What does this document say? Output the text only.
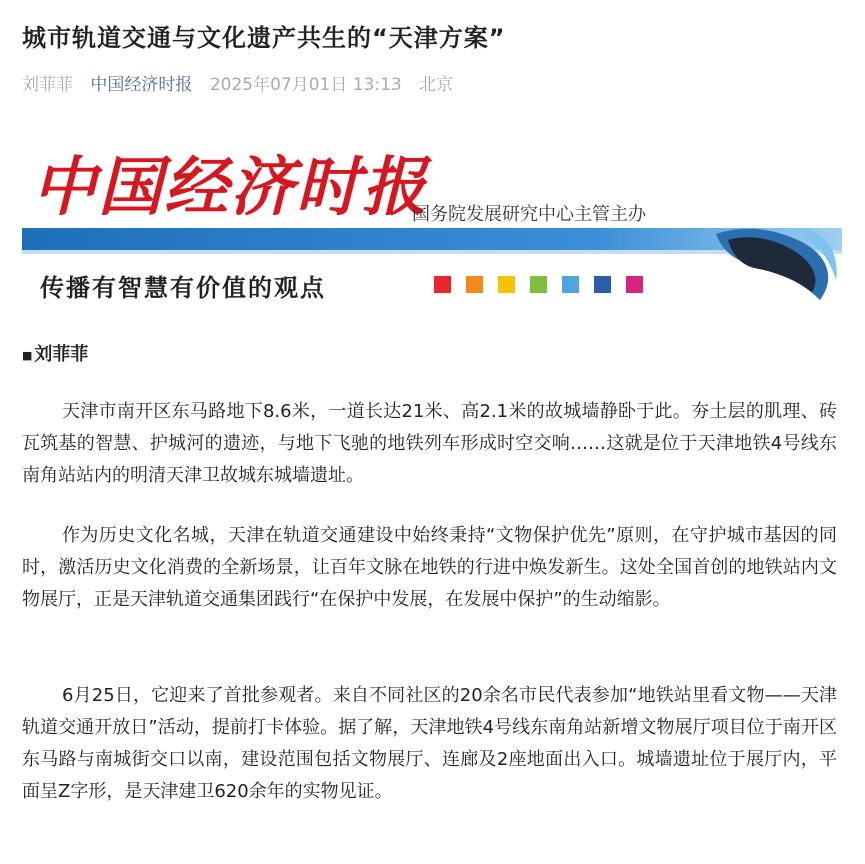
城市轨道交通与文化遗产共生的“天津方案”
刘菲菲 中国经济时报 2025年07月01日 13:13 北京
中国经济时报
国务院发展研究中心主管主办
传播有智慧有价值的观点
■ 刘菲菲

天津市南开区东马路地下8.6米，一道长达21米、高2.1米的故城墙静卧于此。夯土层的肌理、砖瓦筑基的智慧、护城河的遗迹，与地下飞驰的地铁列车形成时空交响……这就是位于天津地铁4号线东南角站站内的明清天津卫故城东城墙遗址。

作为历史文化名城，天津在轨道交通建设中始终秉持“文物保护优先”原则，在守护城市基因的同时，激活历史文化消费的全新场景，让百年文脉在地铁的行进中焕发新生。这处全国首创的地铁站内文物展厅，正是天津轨道交通集团践行“在保护中发展，在发展中保护”的生动缩影。

6月25日，它迎来了首批参观者。来自不同社区的20余名市民代表参加“地铁站里看文物——天津轨道交通开放日”活动，提前打卡体验。据了解，天津地铁4号线东南角站新增文物展厅项目位于南开区东马路与南城街交口以南，建设范围包括文物展厅、连廊及2座地面出入口。城墙遗址位于展厅内，平面呈Z字形，是天津建卫620余年的实物见证。
